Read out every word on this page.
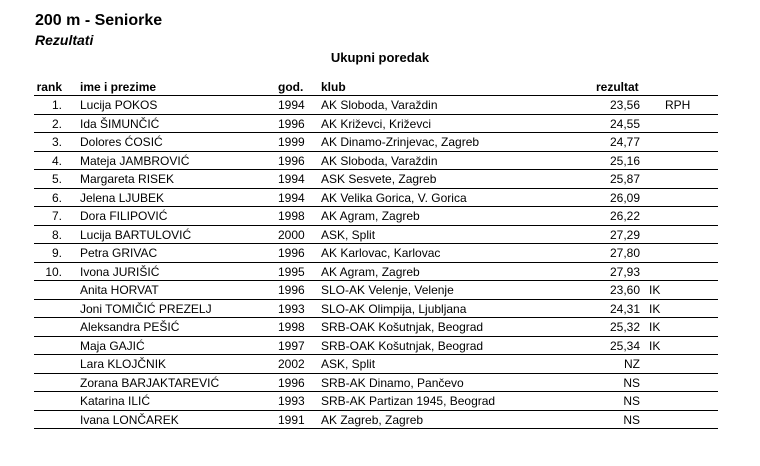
200 m - Seniorke
Rezultati
Ukupni poredak
rank ime i prezime	god. klub	rezultat
1. Lucija POKOS	1994 AK Sloboda, Varaždin	23,56 RPH
2. Ida ŠIMUNČIĆ	1996 AK Križevci, Križevci	24,55
3. Dolores ĆOSIĆ	1999 AK Dinamo-Zrinjevac, Zagreb	24,77
4. Mateja JAMBROVIĆ	1996 AK Sloboda, Varaždin	25,16
5. Margareta RISEK	1994 ASK Sesvete, Zagreb	25,87
6. Jelena LJUBEK	1994 AK Velika Gorica, V. Gorica	26,09
7. Dora FILIPOVIĆ	1998 AK Agram, Zagreb	26,22
8. Lucija BARTULOVIĆ	2000 ASK, Split	27,29
9. Petra GRIVAC	1996 AK Karlovac, Karlovac	27,80
10. Ivona JURIŠIĆ	1995 AK Agram, Zagreb	27,93
Anita HORVAT	1996 SLO-AK Velenje, Velenje	23,60 IK
Joni TOMIČIĆ PREZELJ	1993 SLO-AK Olimpija, Ljubljana	24,31 IK
Aleksandra PEŠIĆ	1998 SRB-OAK Košutnjak, Beograd	25,32 IK
Maja GAJIĆ	1997 SRB-OAK Košutnjak, Beograd	25,34 IK
Lara KLOJČNIK	2002 ASK, Split	NZ
Zorana BARJAKTAREVIĆ	1996 SRB-AK Dinamo, Pančevo	NS
Katarina ILIĆ	1993 SRB-AK Partizan 1945, Beograd	NS
Ivana LONČAREK	1991 AK Zagreb, Zagreb	NS
